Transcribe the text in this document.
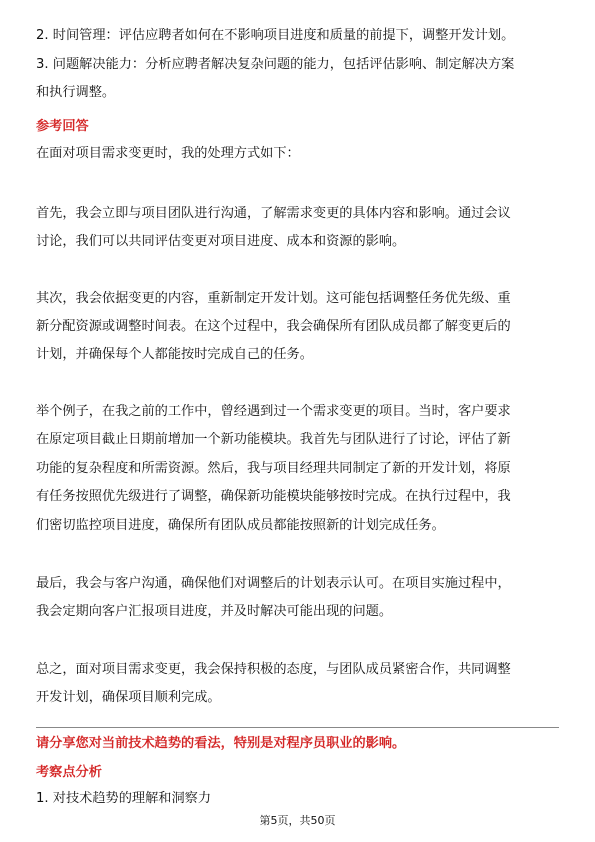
2. 时间管理：评估应聘者如何在不影响项目进度和质量的前提下，调整开发计划。

3. 问题解决能力：分析应聘者解决复杂问题的能力，包括评估影响、制定解决方案

和执行调整。

参考回答

在面对项目需求变更时，我的处理方式如下：

首先，我会立即与项目团队进行沟通，了解需求变更的具体内容和影响。通过会议

讨论，我们可以共同评估变更对项目进度、成本和资源的影响。

其次，我会依据变更的内容，重新制定开发计划。这可能包括调整任务优先级、重

新分配资源或调整时间表。在这个过程中，我会确保所有团队成员都了解变更后的

计划，并确保每个人都能按时完成自己的任务。

举个例子，在我之前的工作中，曾经遇到过一个需求变更的项目。当时，客户要求

在原定项目截止日期前增加一个新功能模块。我首先与团队进行了讨论，评估了新

功能的复杂程度和所需资源。然后，我与项目经理共同制定了新的开发计划，将原

有任务按照优先级进行了调整，确保新功能模块能够按时完成。在执行过程中，我

们密切监控项目进度，确保所有团队成员都能按照新的计划完成任务。

最后，我会与客户沟通，确保他们对调整后的计划表示认可。在项目实施过程中，

我会定期向客户汇报项目进度，并及时解决可能出现的问题。

总之，面对项目需求变更，我会保持积极的态度，与团队成员紧密合作，共同调整

开发计划，确保项目顺利完成。

请分享您对当前技术趋势的看法，特别是对程序员职业的影响。

考察点分析

1. 对技术趋势的理解和洞察力

第5页，共50页
